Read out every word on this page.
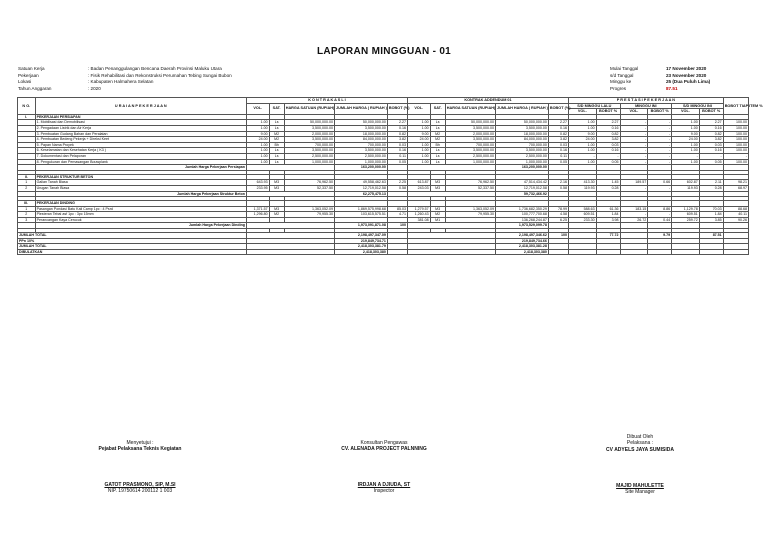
LAPORAN MINGGUAN - 01
Satuan Kerja	: Badan Penanggulangan Bencana Daerah Provinsi Maluku Utara
Pekerjaan	: Fisik Rehabilitasi dan Rekonstruksi Perumahan Tebing Sungai Bubon
Lokasi	: Kabupaten Halmahera Selatan
Tahun Anggaran	: 2020
Mulai Tanggal	17 November 2020
s/d Tanggal	23 November 2020
Minggu ke	25 (Dua Puluh Lima)
Progres	87.51
N O.	U R A I A N P E K E R J A A N	K O N T R A K A S L I					KONTRAK ADDENDUM 01					P R E S T A S I P E K E R J A A N						BOBOT TIAP ITEM %
		VOL.	SAT.	HARGA SATUAN (RUPIAH)	JUMLAH HARGA ( RUPIAH )	BOBOT (%)	VOL.	SAT.	HARGA SATUAN (RUPIAH)	JUMLAH HARGA ( RUPIAH )	BOBOT (%)	S/D MINGGU LALU		MINGGU INI		S/D MINGGU INI		
												VOL.	BOBOT %	VOL.	BOBOT %	VOL.	BOBOT %	
I.	PEKERJAAN PERSIAPAN																	
	1. Mobilisasi dan Demobilisasi	1.00	Ls	50,000,000.00	50,000,000.00	2.27	1.00	Ls	50,000,000.00	50,000,000.00	2.27	1.00	2.27	-	-	1.00	2.27	100.00
	2. Pengadaan Listrik dan Air Kerja	1.00	Ls	3,500,000.00	3,500,000.00	0.16	1.00	Ls	3,500,000.00	3,500,000.00	0.16	1.00	0.16	-	-	1.00	0.16	100.00
	3. Pembuatan Gudang Bahan dan Peralatan	9.00	M2	2,000,000.00	18,000,000.00	0.82	9.00	M2	2,000,000.00	18,000,000.00	0.82	9.00	0.82	-	-	9.00	0.82	100.00
	4. Pembuatan Bedeng Pekerja + Direksi Keet	24.00	M2	3,500,000.00	84,000,000.00	3.82	24.00	M2	3,500,000.00	84,000,000.00	3.82	24.00	3.82	-	-	24.00	3.82	100.00
	5. Papan Nama Proyek	1.00	Bh	700,000.00	700,000.00	0.03	1.00	Bh	700,000.00	700,000.00	0.03	1.00	0.03	-	-	1.00	0.03	100.00
	6. Keselamatan dan Kesehatan Kerja ( K3 )	1.00	Ls	3,500,000.00	3,500,000.00	0.16	1.00	Ls	3,500,000.00	3,500,000.00	0.16	1.00	0.16	-	-	1.00	0.16	100.00
	7. Dokumentasi dan Pelaporan	1.00	Ls	2,500,000.00	2,500,000.00	0.11	1.00	Ls	2,500,000.00	2,500,000.00	0.11	-	-	-	-	-	-	-
	8. Pengukuran dan Pemasangan Bouwplank	1.00	Ls	1,000,000.00	1,000,000.00	0.05	1.00	Ls	1,000,000.00	1,000,000.00	0.05	1.00	0.05	-	-	1.00	0.05	100.00
	Jumlah Harga Pekerjaan Persiapan				163,200,000.00					163,200,000.00								

II.	PEKERJAAN STRUKTUR BETON																	
1	Galian Tanah Biasa	643.93	M3	76,962.50	49,558,462.63	2.25	613.87	M3	76,962.50	47,514,434.42	2.16	413.30	1.45	189.57	0.66	602.87	2.11	98.21
2	Urugan Tanah Biasa	233.95	M3	52,337.50	12,719,012.58	0.58	243.03	M3	52,337.50	12,719,012.58	0.58	119.93	0.28	-	-	119.93	0.28	68.97
	Jumlah Harga Pekerjaan Struktur Beton				62,275,475.13					59,732,466.92								

III.	PEKERJAAN DINDING																	
1	Pasangan Pondasi Batu Kali Camp 1pc : 4 Psrd	1,371.57	M3	1,363,052.09	1,869,575,998.68	85.03	1,279.57	M3	1,363,052.09	1,736,682,350.29	78.99	588.63	61.36	183.15	8.86	1,129.78	70.03	88.68
2	Plesteran Tebal asf 1pc : 3pc 15mm	1,296.80	M2	79,955.30	103,615,575.51	4.71	1,260.43	M2	79,955.30	100,777,700.68	4.58	609.51	1.84	-	-	609.51	1.84	40.11
3	Perancangan Kaya Cerucuk						381.08	M1		136,268,244.87	6.25	233.30	3.98	26.72	0.44	259.72	3.85	90.26
	Jumlah Harga Pekerjaan Dinding				1,973,091,871.08	100				1,973,529,099.78								

JUMLAH TOTAL					2,198,497,347.09					2,198,497,346.62	100		77.72		9.79		87.51	
PPn 10%					219,849,734.71					219,849,734.66								
JUMLAH TOTAL					2,418,303,381.79					2,418,303,381.28								
DIBULATKAN					2,418,303,380					2,418,303,380								
Menyetujui :
Pejabat Pelaksana Teknis Kegiatan
GATOT PRASMONO, SIP, M.SI
NIP. 19750614 200112 1 003
Konsultan Pengawas
CV. ALENADA PROJECT PALNNING
IRDJAN A DJIUDA, ST
Inspector
Dibuat Oleh
Pelaksana :
CV ADYELS JAYA SUMISIDA
MAJID MAHULETTE
Site Manager
